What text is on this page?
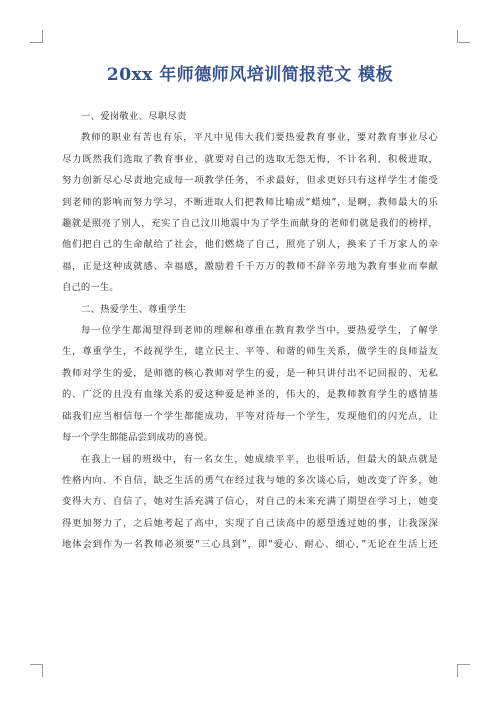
20xx 年师德师风培训简报范文 模板
一、爱岗敬业、尽职尽责
教师的职业有苦也有乐，平凡中见伟大我们要热爱教育事业，要对教育事业尽心
尽力既然我们选取了教育事业，就要对自己的选取无怨无悔，不计名利，积极进取，
努力创新尽心尽责地完成每一项教学任务，不求最好，但求更好只有这样学生才能受
到老师的影响而努力学习，不断进取人们把教师比喻成“蜡烛”，是啊，教师最大的乐
趣就是照亮了别人，充实了自己汶川地震中为了学生而献身的老师们就是我们的榜样，
他们把自己的生命献给了社会，他们燃烧了自己，照亮了别人，换来了千万家人的幸
福，正是这种成就感、幸福感，激励着千千万万的教师不辞辛劳地为教育事业而奉献
自己的一生。
二、热爱学生、尊重学生
每一位学生都渴望得到老师的理解和尊重在教育教学当中，要热爱学生，了解学
生，尊重学生，不歧视学生，建立民主、平等、和谐的师生关系，做学生的良师益友
教师对学生的爱，是师德的核心教师对学生的爱，是一种只讲付出不记回报的、无私
的、广泛的且没有血缘关系的爱这种爱是神圣的，伟大的，是教师教育学生的感情基
础我们应当相信每一个学生都能成功，平等对待每一个学生，发现他们的闪光点，让
每一个学生都能品尝到成功的喜悦。
在我上一届的班级中，有一名女生，她成绩平平，也很听话，但最大的缺点就是
性格内向、不自信，缺乏生活的勇气在经过我与她的多次谈心后，她改变了许多，她
变得大方、自信了，她对生活充满了信心，对自己的未来充满了期望在学习上，她变
得更加努力了，之后她考起了高中，实现了自己读高中的愿望透过她的事，让我深深
地体会到作为一名教师必须要“三心具到”，即“爱心、耐心、细心，”无论在生活上还
